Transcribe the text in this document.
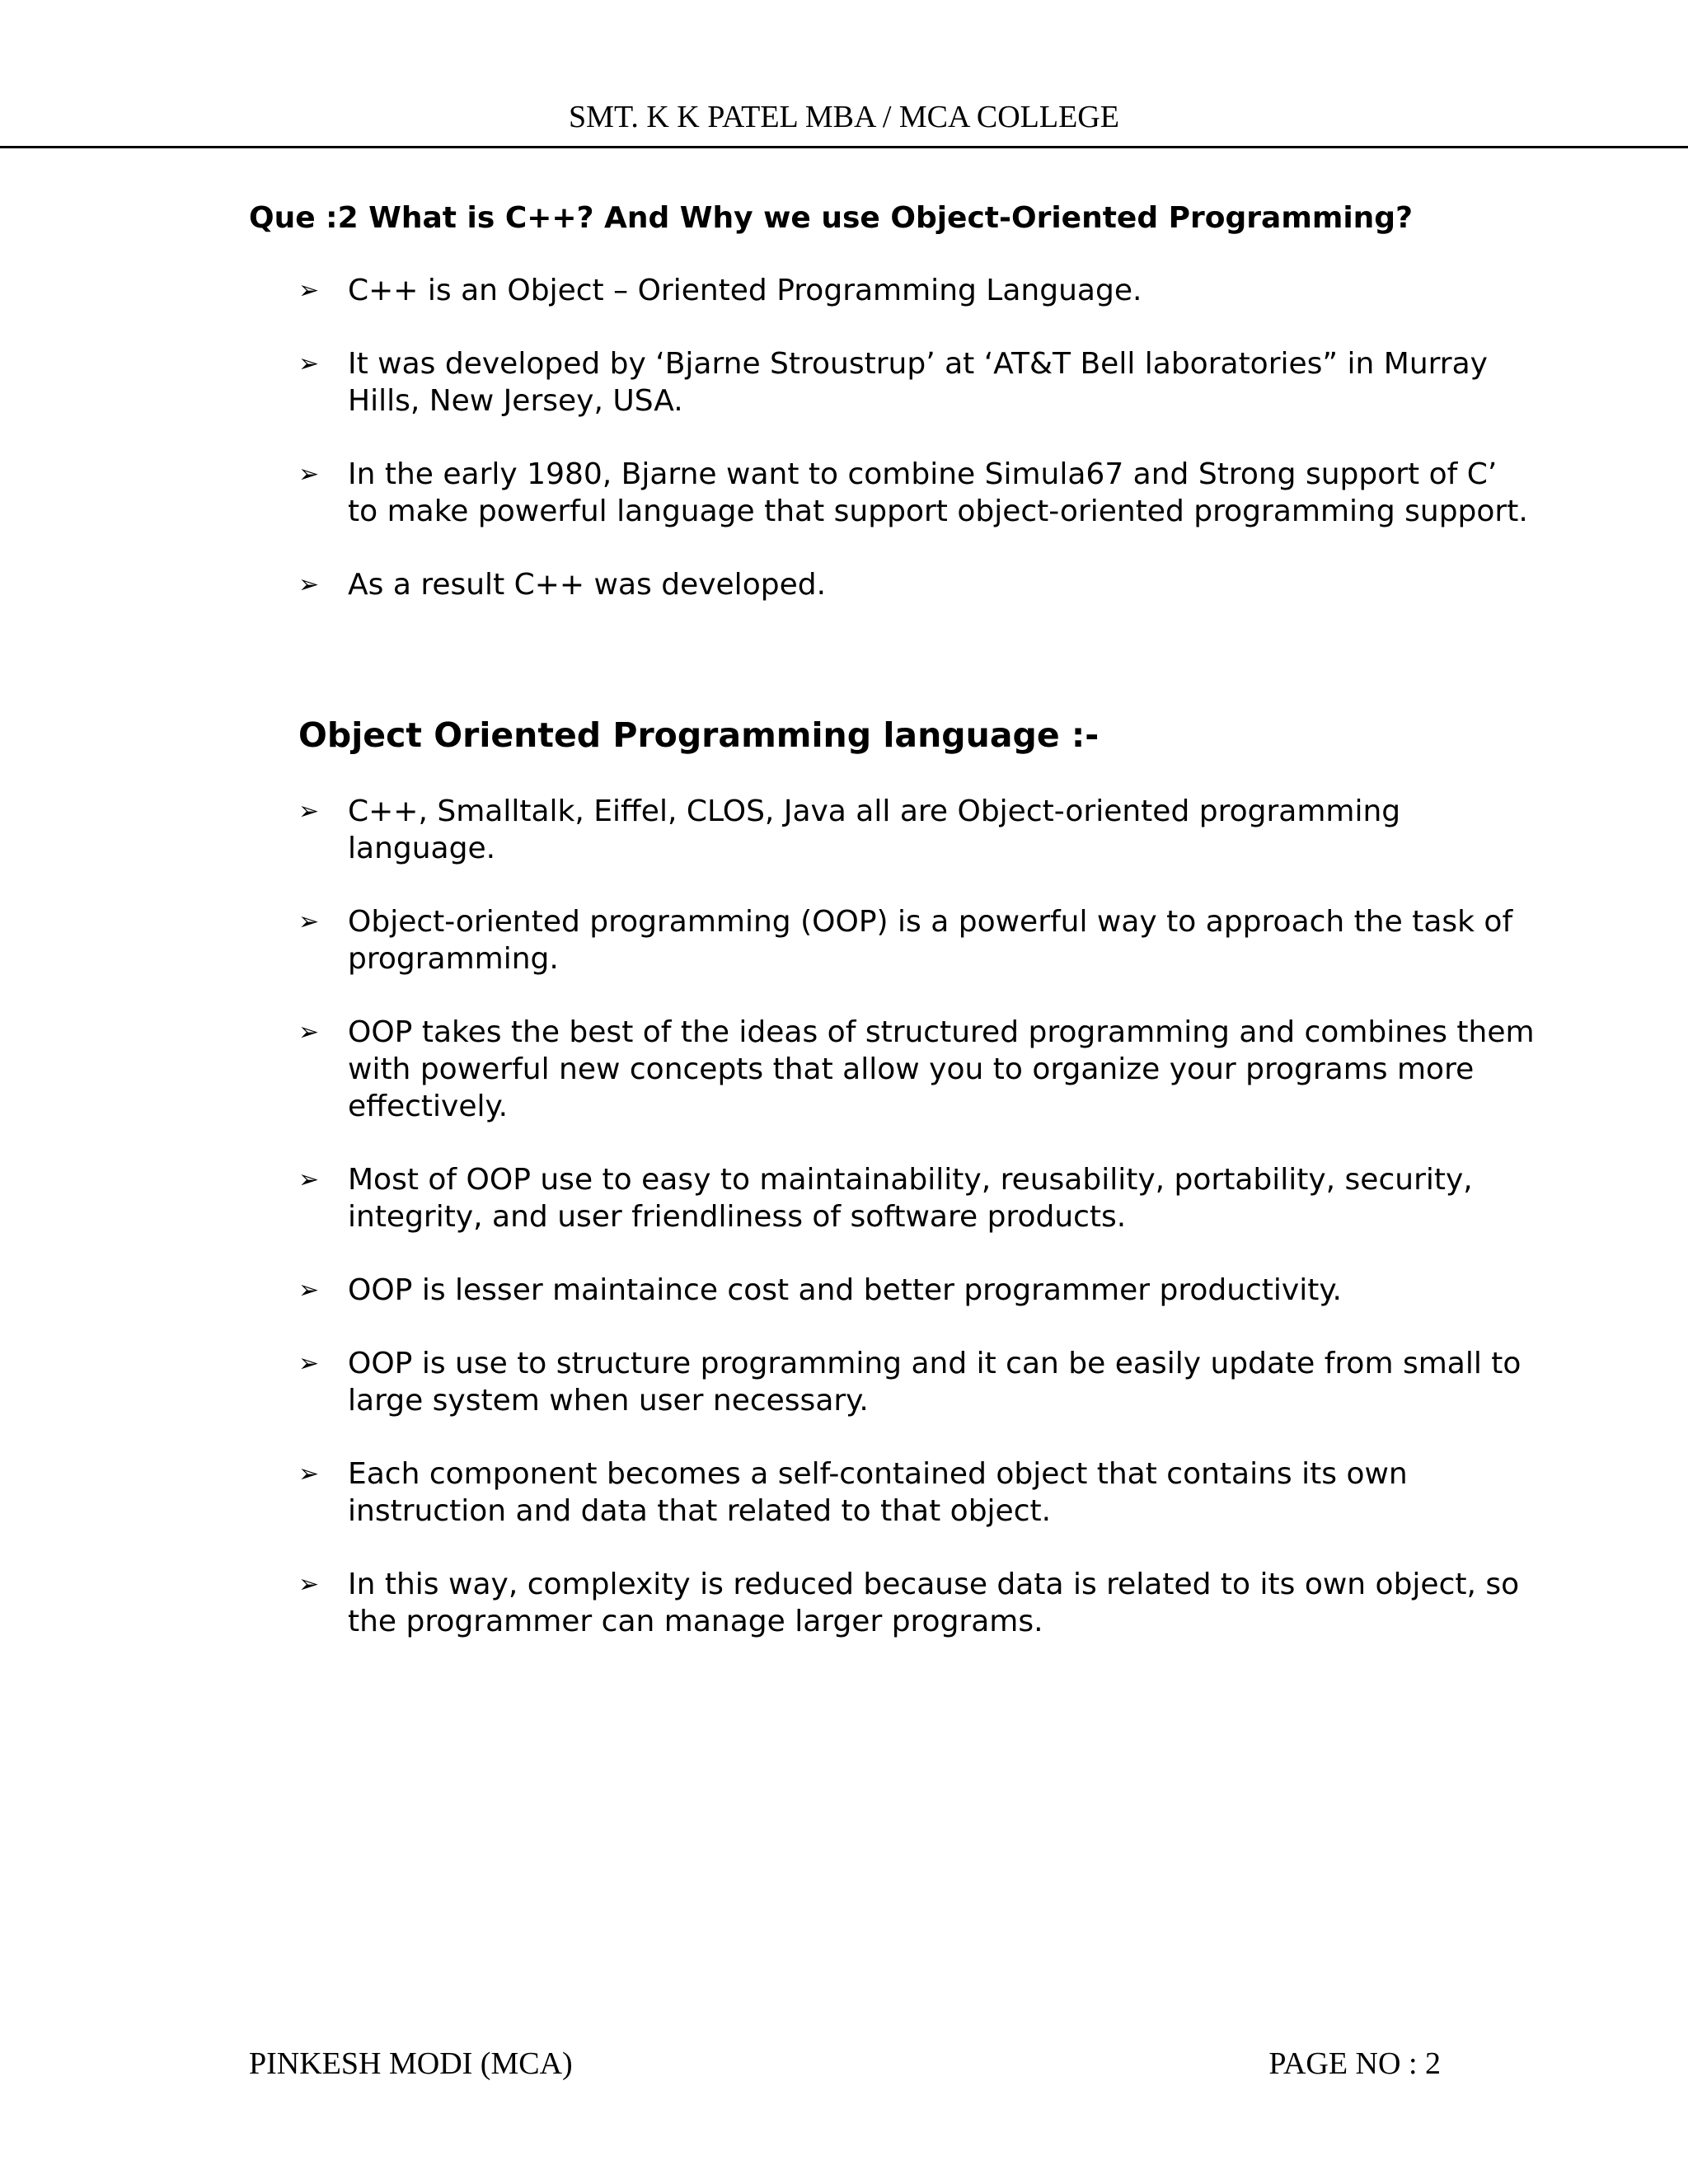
SMT. K K PATEL MBA / MCA COLLEGE
Que :2 What is C++? And Why we use Object-Oriented Programming?
➢ C++ is an Object – Oriented Programming Language.
➢ It was developed by ‘Bjarne Stroustrup’ at ‘AT&T Bell laboratories” in Murray Hills, New Jersey, USA.
➢ In the early 1980, Bjarne want to combine Simula67 and Strong support of C’ to make powerful language that support object-oriented programming support.
➢ As a result C++ was developed.
Object Oriented Programming language :-
➢ C++, Smalltalk, Eiffel, CLOS, Java all are Object-oriented programming language.
➢ Object-oriented programming (OOP) is a powerful way to approach the task of programming.
➢ OOP takes the best of the ideas of structured programming and combines them with powerful new concepts that allow you to organize your programs more effectively.
➢ Most of OOP use to easy to maintainability, reusability, portability, security, integrity, and user friendliness of software products.
➢ OOP is lesser maintaince cost and better programmer productivity.
➢ OOP is use to structure programming and it can be easily update from small to large system when user necessary.
➢ Each component becomes a self-contained object that contains its own instruction and data that related to that object.
➢ In this way, complexity is reduced because data is related to its own object, so the programmer can manage larger programs.
PINKESH MODI (MCA)	PAGE NO : 2
